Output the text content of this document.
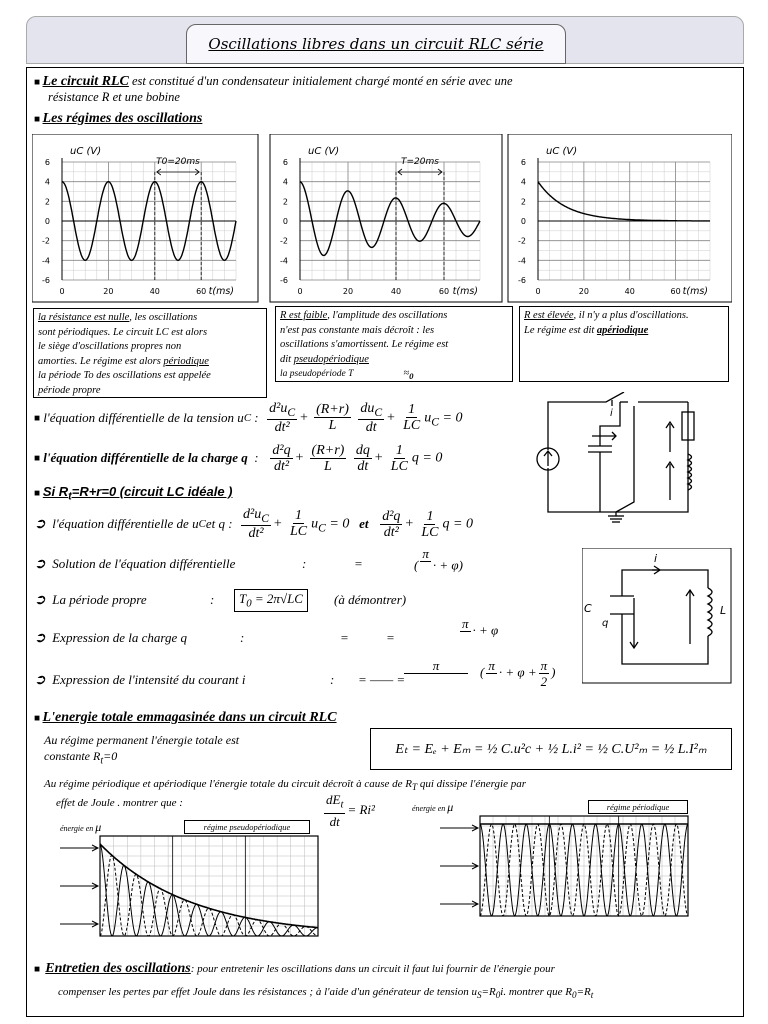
Oscillations libres dans un circuit RLC série
■ Le circuit RLC est constitué d'un condensateur initialement chargé monté en série avec une
résistance R et une bobine
■ Les régimes des oscillations
6
4
2
0
-2
-4
-6
0	20	40	60
uC (V)
t(ms)
T0=20ms	6
4
2
0
-2
-4
-6
0	20	40	60
uC (V)
t(ms)
T=20ms	6
4
2
0
-2
-4
-6
0	20	40	60
uC (V)
t(ms)
la résistance est nulle, les oscillations
sont périodiques. Le circuit LC est alors
le siège d'oscillations propres non
amorties. Le régime est alors périodique
la période To des oscillations est appelée
période propre
R est faible, l'amplitude des oscillations
n'est pas constante mais décroît : les
oscillations s'amortissent. Le régime est
dit pseudopériodique
la pseudopériode T	$\approx_0$
R est élevée, il n'y a plus d'oscillations.
Le régime est dit apériodique
■
l'équation différentielle de la tension u C
:
$\frac{d^2u_C}{\text{dt²}} + \frac{(R+r)}{L}$
$\frac{du_C}{dt} + \frac{1}{LC} u_C = 0$
■
l'équation différentielle de la charge q
:
$\frac{\text{d²q}}{\text{dt²}} + \frac{(R+r)}{L}$
$\frac{dq}{dt} + \frac{1}{LC}$ q = 0
■ Si $R_t=R+r=0$ (circuit LC idéale )
➲
l'équation différentielle de u C et q :
$\frac{d^2u_C}{\text{dt²}} + \frac{1}{LC} u_C = 0$
et
$\frac{\text{d²q}}{\text{dt²}} + \frac{1}{LC}$ q = 0
➲ Solution de l'équation différentielle	:	=	(
π

· + φ)
➲ La période propre	:	$T_0 = 2\pi√LC$	(à démontrer)
➲ Expression de la charge q	:	=	=
π
· + φ
➲ Expression de l'intensité du courant i	: = —— =
π
	( π
· + $\varphi + \frac{\pi}{2}$ )
i
i
C
q
L
■ L'energie totale emmagasinée dans un circuit RLC
Au régime permanent l'énergie totale est
constante $R_t=0$	Eₜ = Eₑ + Eₘ = ½ C.u²c + ½ L.i² = ½ C.U²ₘ = ½ L.I²ₘ
Au régime périodique et apériodique l'énergie totale du circuit décroît à cause de $R_T$ qui dissipe l'énergie par
effet de Joule . montrer que :	$\frac{dE_t}{dt} = Ri^2$
énergie en μ	régime pseudopériodique
énergie en μ	régime périodique
■  Entretien des oscillations: pour entretenir les oscillations dans un circuit il faut lui fournir de l'énergie pour
compenser les pertes par effet Joule dans les résistances ; à l'aide d'un générateur de tension $u_S=R_0i$. montrer que $R_0=R_t$
